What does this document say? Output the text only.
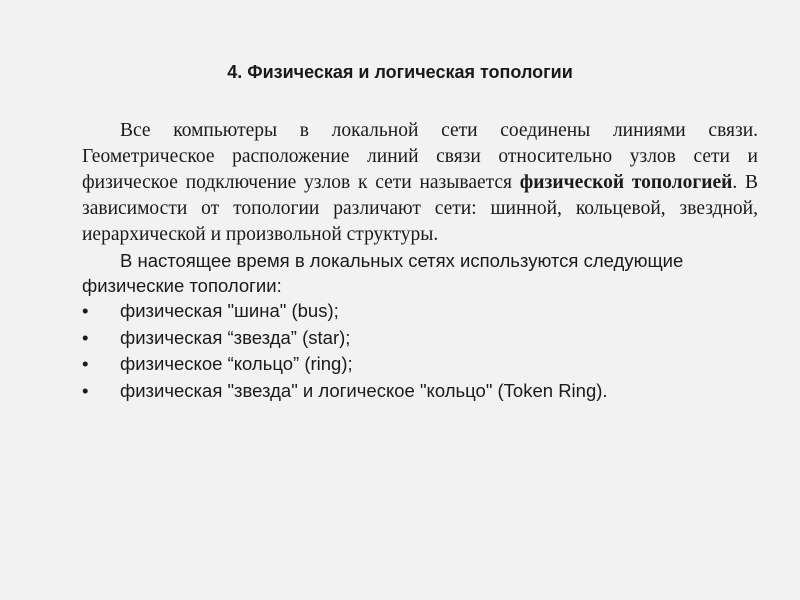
4. Физическая и логическая топологии

Все компьютеры в локальной сети соединены линиями связи. Геометрическое расположение линий связи относительно узлов сети и физическое подключение узлов к сети называется физической топологией. В зависимости от топологии различают сети: шинной, кольцевой, звездной, иерархической и произвольной структуры.

В настоящее время в локальных сетях используются следующие физические топологии:

• физическая "шина" (bus);
• физическая “звезда” (star);
• физическое “кольцо” (ring);
• физическая "звезда" и логическое "кольцо" (Token Ring).
